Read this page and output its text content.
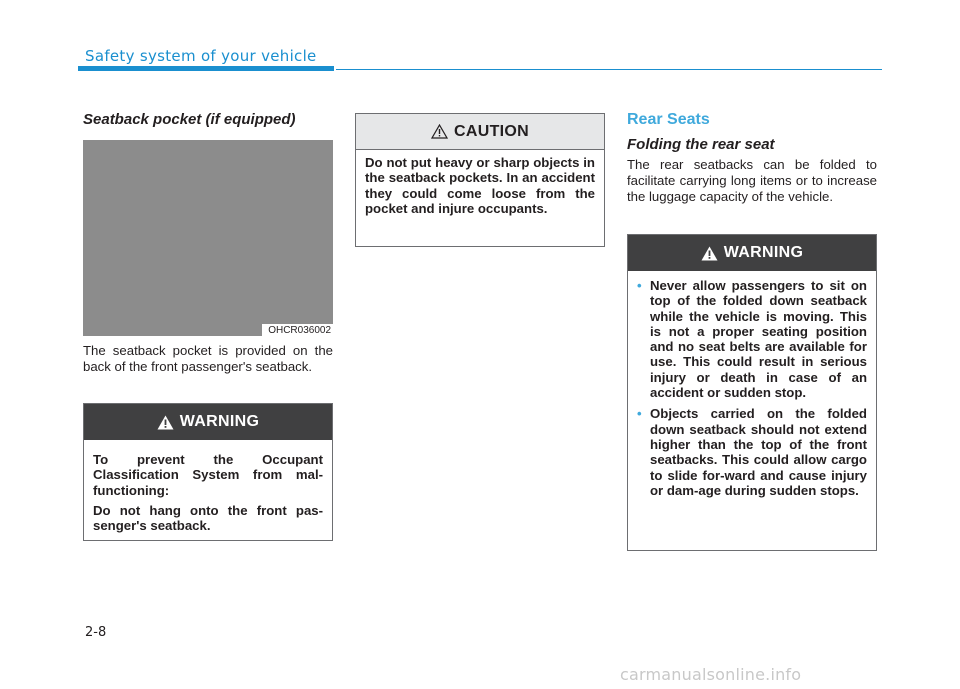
Safety system of your vehicle
Seatback pocket (if equipped)
OHCR036002
The seatback pocket is provided on the back of the front passenger's seatback.
WARNING

To prevent the Occupant Classification System from mal-functioning:

Do not hang onto the front pas-senger's seatback.

CAUTION

Do not put heavy or sharp objects in the seatback pockets. In an accident they could come loose from the pocket and injure occupants.

Rear Seats
Folding the rear seat
The rear seatbacks can be folded to facilitate carrying long items or to increase the luggage capacity of the vehicle.
WARNING
• Never allow passengers to sit on top of the folded down seatback while the vehicle is moving. This is not a proper seating position and no seat belts are available for use. This could result in serious injury or death in case of an accident or sudden stop.
• Objects carried on the folded down seatback should not extend higher than the top of the front seatbacks. This could allow cargo to slide for-ward and cause injury or dam-age during sudden stops.
2-8
carmanualsonline.info
